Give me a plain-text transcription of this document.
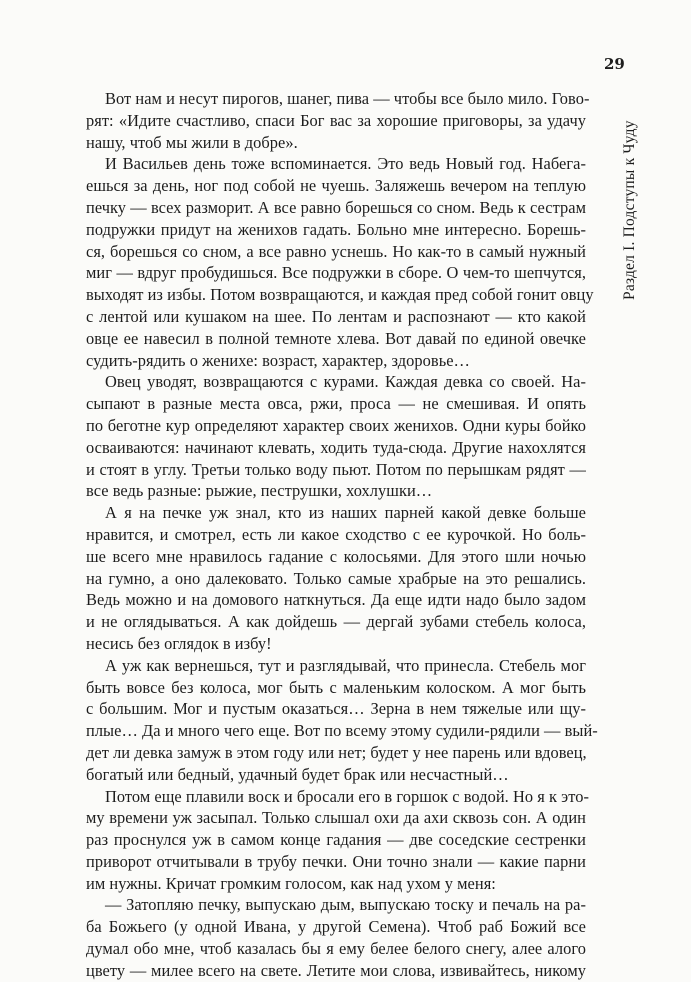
29
Раздел I. Подступы к Чуду
Вот нам и несут пирогов, шанег, пива — чтобы все было мило. Гово-
рят: «Идите счастливо, спаси Бог вас за хорошие приговоры, за удачу
нашу, чтоб мы жили в добре».
И Васильев день тоже вспоминается. Это ведь Новый год. Набега-
ешься за день, ног под собой не чуешь. Заляжешь вечером на теплую
печку — всех разморит. А все равно борешься со сном. Ведь к сестрам
подружки придут на женихов гадать. Больно мне интересно. Борешь-
ся, борешься со сном, а все равно уснешь. Но как-то в самый нужный
миг — вдруг пробудишься. Все подружки в сборе. О чем-то шепчутся,
выходят из избы. Потом возвращаются, и каждая пред собой гонит овцу
с лентой или кушаком на шее. По лентам и распознают — кто какой
овце ее навесил в полной темноте хлева. Вот давай по единой овечке
судить-рядить о женихе: возраст, характер, здоровье…
Овец уводят, возвращаются с курами. Каждая девка со своей. На-
сыпают в разные места овса, ржи, проса — не смешивая. И опять
по беготне кур определяют характер своих женихов. Одни куры бойко
осваиваются: начинают клевать, ходить туда-сюда. Другие нахохлятся
и стоят в углу. Третьи только воду пьют. Потом по перышкам рядят —
все ведь разные: рыжие, пеструшки, хохлушки…
А я на печке уж знал, кто из наших парней какой девке больше
нравится, и смотрел, есть ли какое сходство с ее курочкой. Но боль-
ше всего мне нравилось гадание с колосьями. Для этого шли ночью
на гумно, а оно далековато. Только самые храбрые на это решались.
Ведь можно и на домового наткнуться. Да еще идти надо было задом
и не оглядываться. А как дойдешь — дергай зубами стебель колоса,
несись без оглядок в избу!
А уж как вернешься, тут и разглядывай, что принесла. Стебель мог
быть вовсе без колоса, мог быть с маленьким колоском. А мог быть
с большим. Мог и пустым оказаться… Зерна в нем тяжелые или щу-
плые… Да и много чего еще. Вот по всему этому судили-рядили — вый-
дет ли девка замуж в этом году или нет; будет у нее парень или вдовец,
богатый или бедный, удачный будет брак или несчастный…
Потом еще плавили воск и бросали его в горшок с водой. Но я к это-
му времени уж засыпал. Только слышал охи да ахи сквозь сон. А один
раз проснулся уж в самом конце гадания — две соседские сестренки
приворот отчитывали в трубу печки. Они точно знали — какие парни
им нужны. Кричат громким голосом, как над ухом у меня:
— Затопляю печку, выпускаю дым, выпускаю тоску и печаль на ра-
ба Божьего (у одной Ивана, у другой Семена). Чтоб раб Божий все
думал обо мне, чтоб казалась бы я ему белее белого снегу, алее алого
цвету — милее всего на свете. Летите мои слова, извивайтесь, никому
